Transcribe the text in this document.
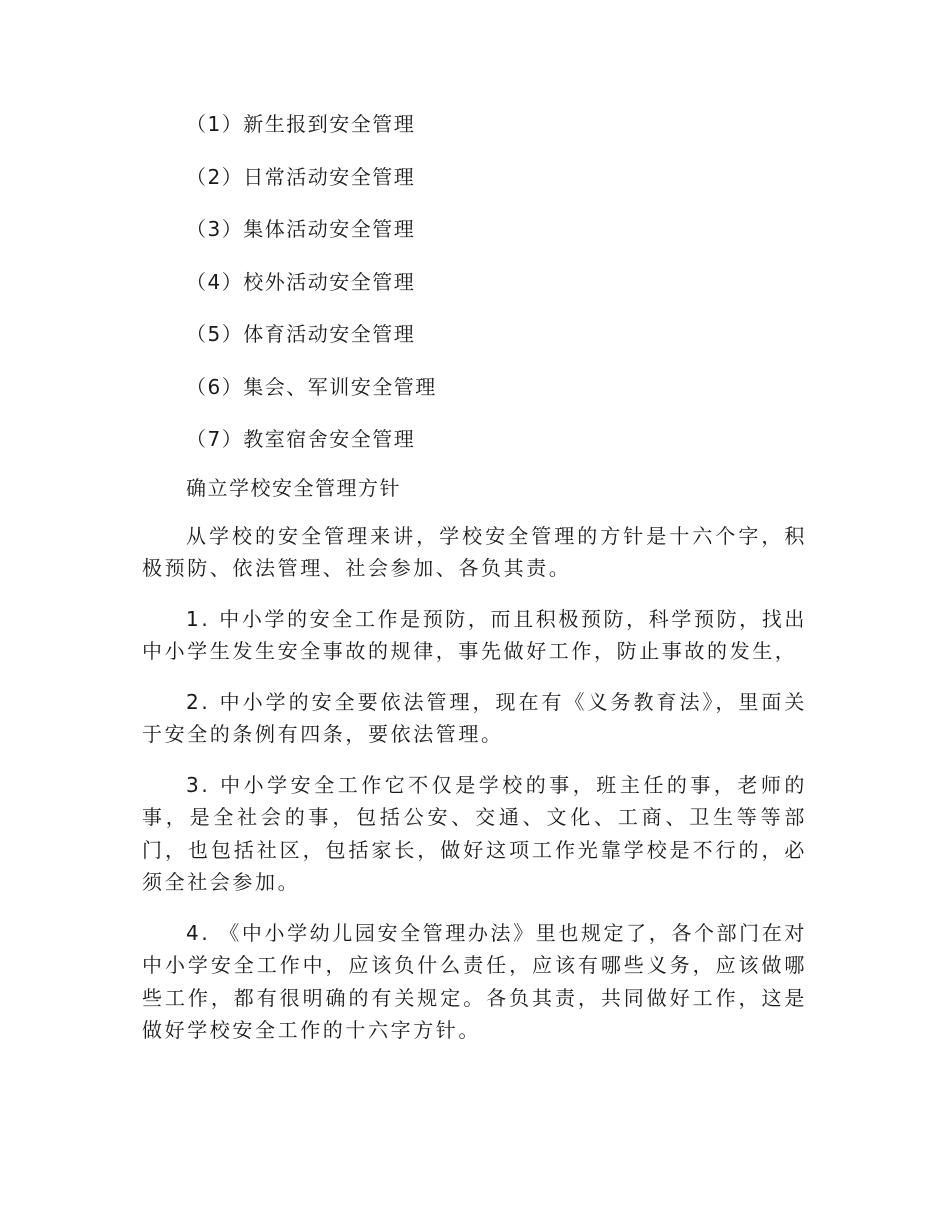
（1）新生报到安全管理
（2）日常活动安全管理
（3）集体活动安全管理
（4）校外活动安全管理
（5）体育活动安全管理
（6）集会、军训安全管理
（7）教室宿舍安全管理
确立学校安全管理方针

从学校的安全管理来讲，学校安全管理的方针是十六个字，积极预防、依法管理、社会参加、各负其责。

1. 中小学的安全工作是预防，而且积极预防，科学预防，找出中小学生发生安全事故的规律，事先做好工作，防止事故的发生，

2. 中小学的安全要依法管理，现在有《义务教育法》，里面关于安全的条例有四条，要依法管理。

3. 中小学安全工作它不仅是学校的事，班主任的事，老师的事，是全社会的事，包括公安、交通、文化、工商、卫生等等部门，也包括社区，包括家长，做好这项工作光靠学校是不行的，必须全社会参加。

4. 《中小学幼儿园安全管理办法》里也规定了，各个部门在对中小学安全工作中，应该负什么责任，应该有哪些义务，应该做哪些工作，都有很明确的有关规定。各负其责，共同做好工作，这是做好学校安全工作的十六字方针。
